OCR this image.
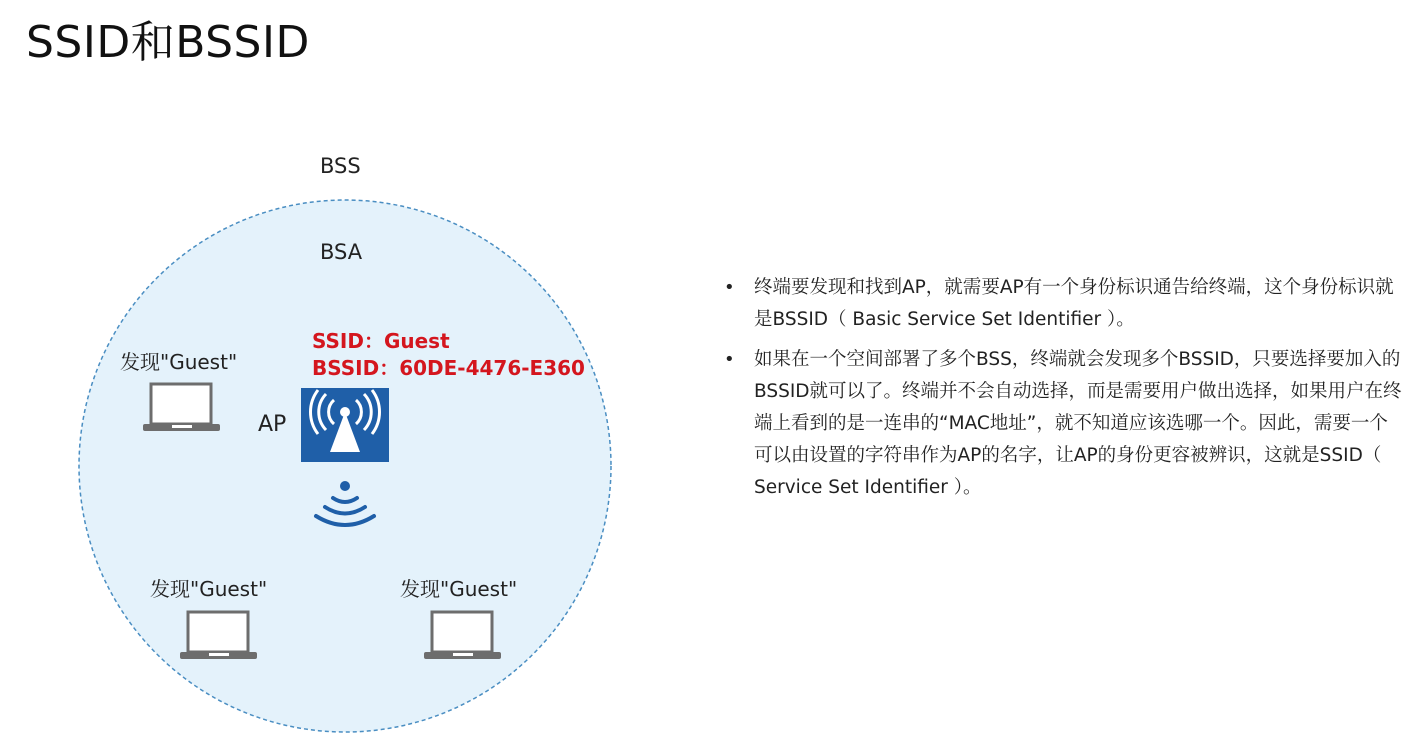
SSID和BSSID
BSS
BSA
SSID：Guest
BSSID：60DE-4476-E360
AP
发现"Guest"
发现"Guest"	发现"Guest"
• 终端要发现和找到AP，就需要AP有一个身份标识通告给终端，这个身份标识就是BSSID（ Basic Service Set Identifier ）。
• 如果在一个空间部署了多个BSS，终端就会发现多个BSSID，只要选择要加入的BSSID就可以了。终端并不会自动选择，而是需要用户做出选择，如果用户在终端上看到的是一连串的“MAC地址”，就不知道应该选哪一个。因此，需要一个可以由设置的字符串作为AP的名字，让AP的身份更容被辨识，这就是SSID（ Service Set Identifier ）。
